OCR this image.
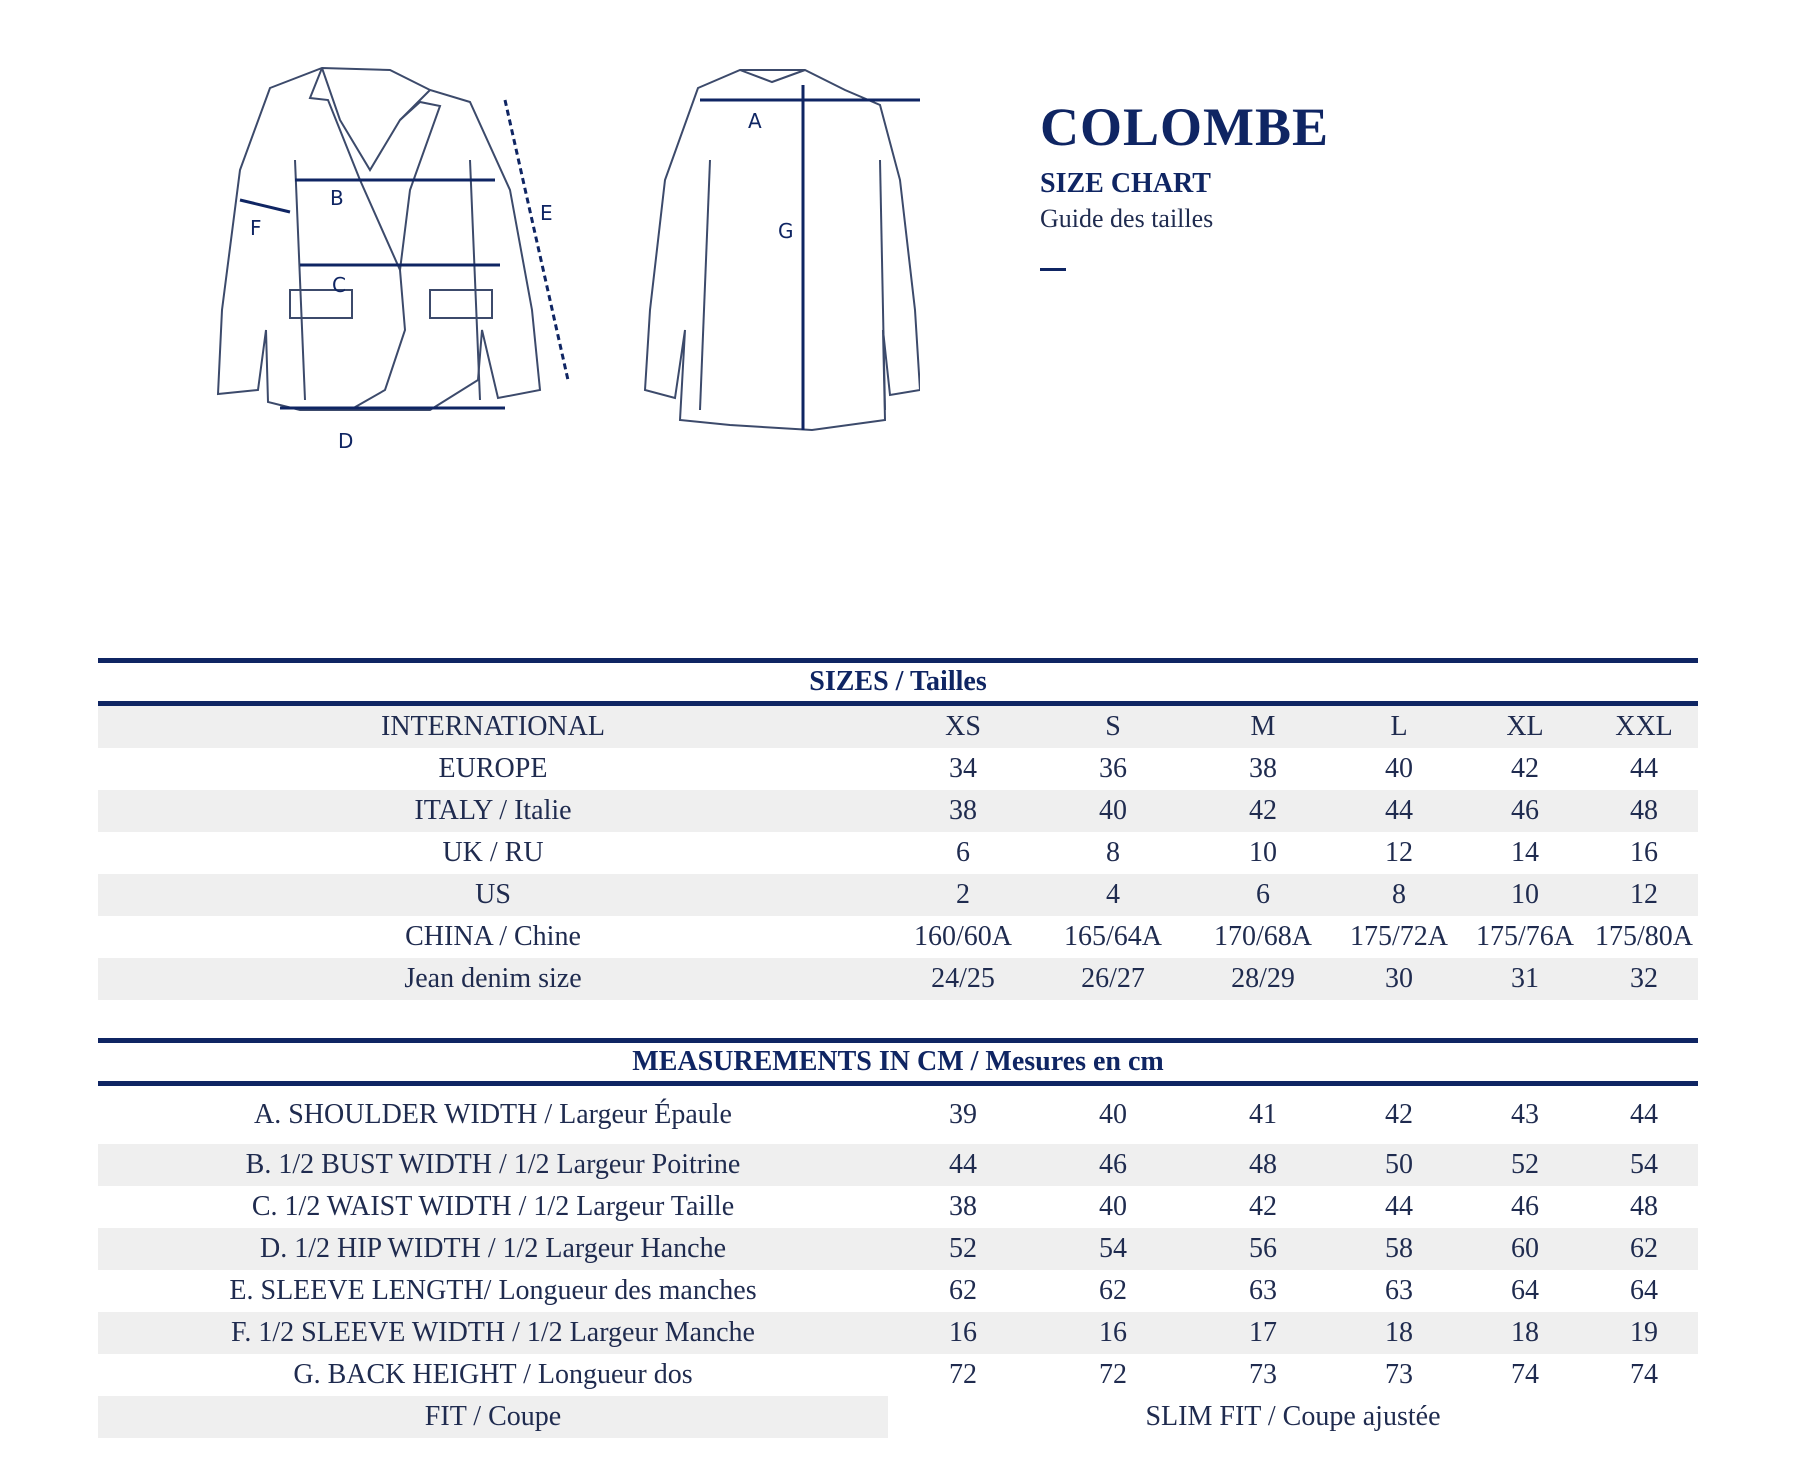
B
C
D
E
F
A
G
COLOMBE
SIZE CHART
Guide des tailles
SIZES / Tailles
INTERNATIONAL	XS	S	M	L	XL	XXL
EUROPE	34	36	38	40	42	44
ITALY / Italie	38	40	42	44	46	48
UK / RU	6	8	10	12	14	16
US	2	4	6	8	10	12
CHINA / Chine	160/60A	165/64A	170/68A	175/72A	175/76A 175/80A
Jean denim size	24/25	26/27	28/29	30	31	32
MEASUREMENTS IN CM / Mesures en cm
A. SHOULDER WIDTH / Largeur Épaule	39	40	41	42	43	44
B. 1/2 BUST WIDTH / 1/2 Largeur Poitrine	44	46	48	50	52	54
C. 1/2 WAIST WIDTH / 1/2 Largeur Taille	38	40	42	44	46	48
D. 1/2 HIP WIDTH / 1/2 Largeur Hanche	52	54	56	58	60	62
E. SLEEVE LENGTH/ Longueur des manches	62	62	63	63	64	64
F. 1/2 SLEEVE WIDTH / 1/2 Largeur Manche	16	16	17	18	18	19
G. BACK HEIGHT / Longueur dos	72	72	73	73	74	74
FIT / Coupe	SLIM FIT / Coupe ajustée
